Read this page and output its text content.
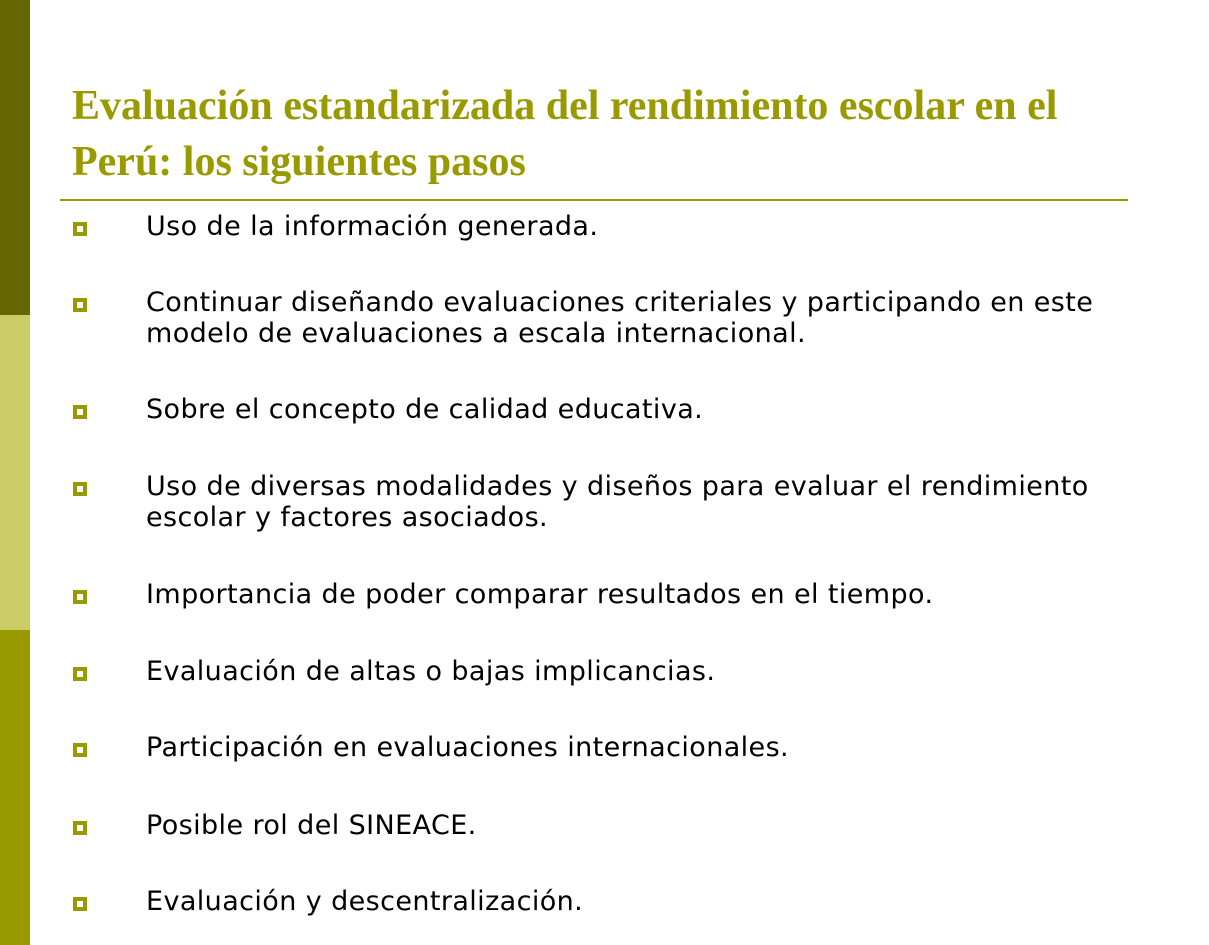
Evaluación estandarizada del rendimiento escolar en el Perú: los siguientes pasos
Uso de la información generada.
Continuar diseñando evaluaciones criteriales y participando en este modelo de evaluaciones a escala internacional.
Sobre el concepto de calidad educativa.
Uso de diversas modalidades y diseños para evaluar el rendimiento escolar y factores asociados.
Importancia de poder comparar resultados en el tiempo.
Evaluación de altas o bajas implicancias.
Participación en evaluaciones internacionales.
Posible rol del SINEACE.
Evaluación y descentralización.
